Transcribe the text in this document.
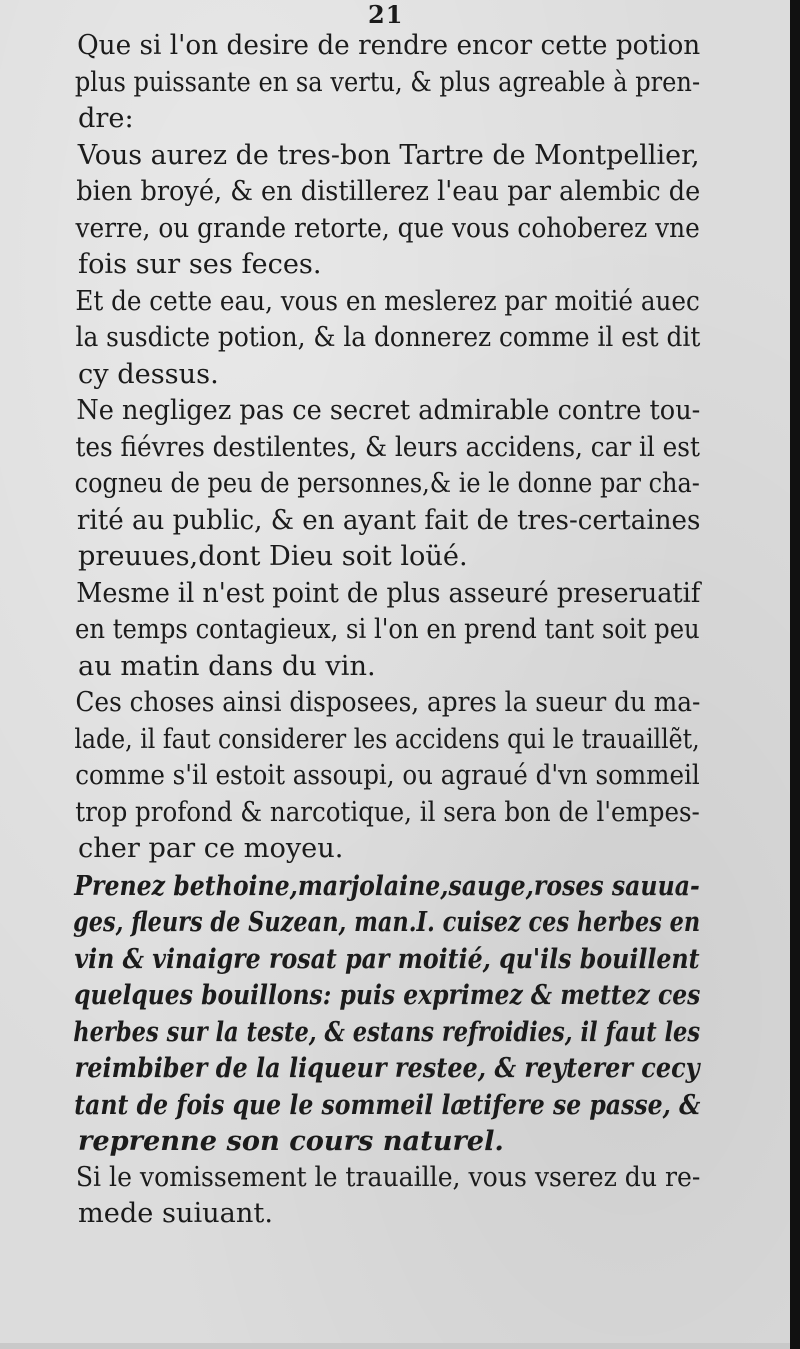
21
Que si l'on desire de rendre encor cette potion
plus puissante en sa vertu, & plus agreable à pren-
dre:
Vous aurez de tres-bon Tartre de Montpellier,
bien broyé, & en distillerez l'eau par alembic de
verre, ou grande retorte, que vous cohoberez vne
fois sur ses feces.
Et de cette eau, vous en meslerez par moitié auec
la susdicte potion, & la donnerez comme il est dit
cy dessus.
Ne negligez pas ce secret admirable contre tou-
tes fiévres destilentes, & leurs accidens, car il est
cogneu de peu de personnes,& ie le donne par cha-
rité au public, & en ayant fait de tres-certaines
preuues,dont Dieu soit loüé.
Mesme il n'est point de plus asseuré preseruatif
en temps contagieux, si l'on en prend tant soit peu
au matin dans du vin.
Ces choses ainsi disposees, apres la sueur du ma-
lade, il faut considerer les accidens qui le trauaillẽt,
comme s'il estoit assoupi, ou agraué d'vn sommeil
trop profond & narcotique, il sera bon de l'empes-
cher par ce moyeu.
Prenez bethoine,marjolaine,sauge,roses sauua-
ges, fleurs de Suzean, man.I. cuisez ces herbes en
vin & vinaigre rosat par moitié, qu'ils bouillent
quelques bouillons: puis exprimez & mettez ces
herbes sur la teste, & estans refroidies, il faut les
reimbiber de la liqueur restee, & reyterer cecy
tant de fois que le sommeil lætifere se passe, &
reprenne son cours naturel.
Si le vomissement le trauaille, vous vserez du re-
mede suiuant.
